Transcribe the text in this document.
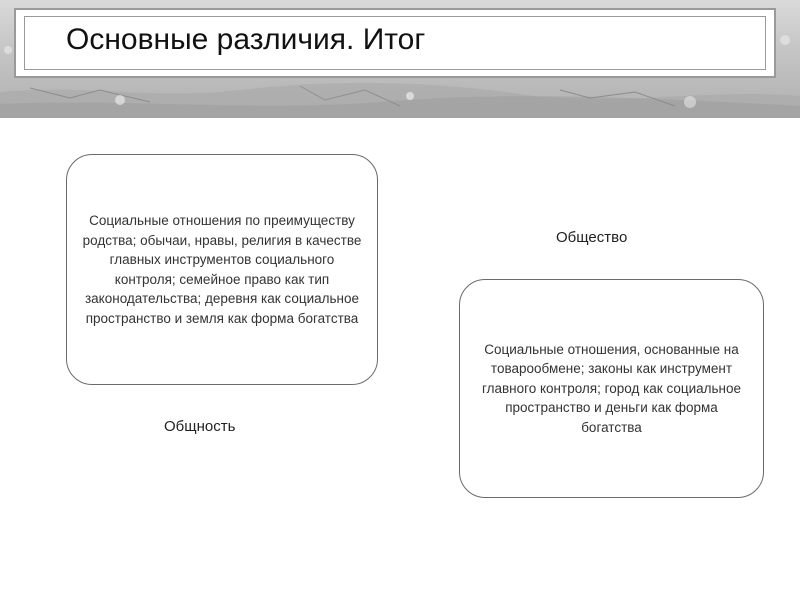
Основные различия. Итог
Социальные отношения по преимуществу родства; обычаи, нравы, религия в качестве главных инструментов социального контроля; семейное право как тип законодательства; деревня как социальное пространство и земля как форма богатства
Общность
Общество
Социальные отношения, основанные на товарообмене; законы как инструмент главного контроля; город как социальное пространство и деньги как форма богатства
